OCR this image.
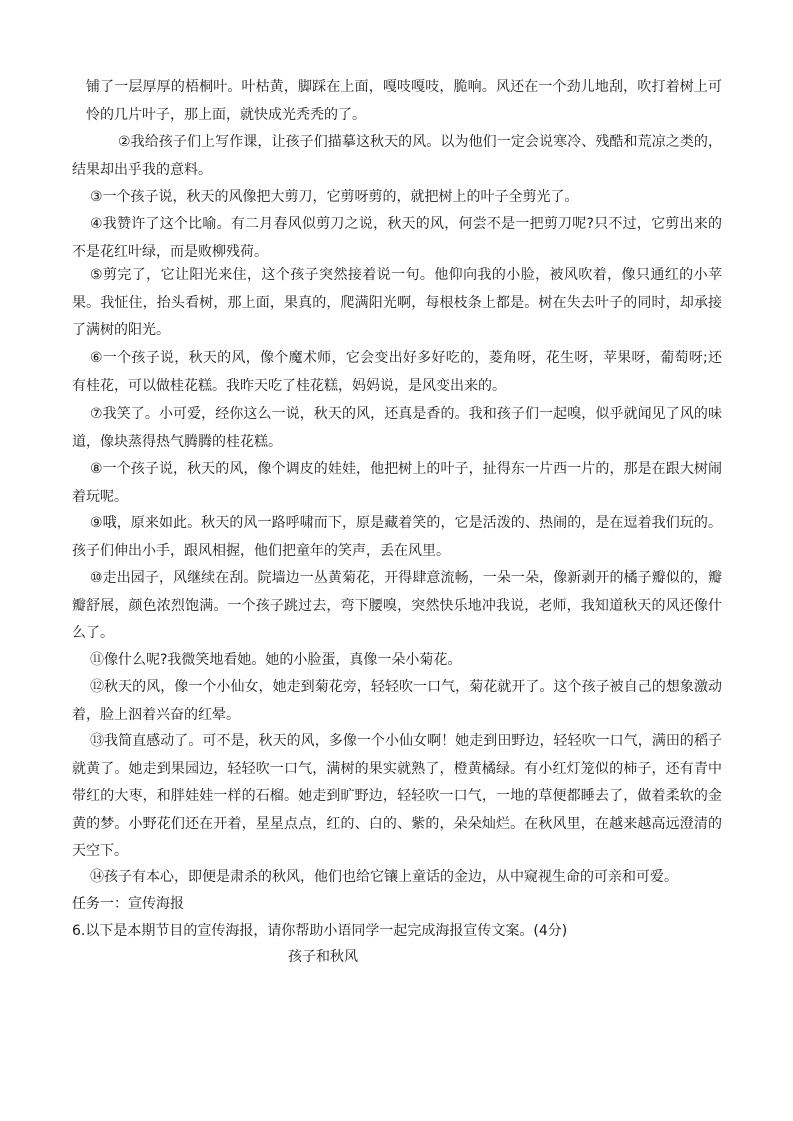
铺了一层厚厚的梧桐叶。叶枯黄，脚踩在上面，嘎吱嘎吱，脆响。风还在一个劲儿地刮，吹打着树上可怜的几片叶子，那上面，就快成光秃秃的了。

②我给孩子们上写作课，让孩子们描摹这秋天的风。以为他们一定会说寒冷、残酷和荒凉之类的，结果却出乎我的意料。

③一个孩子说，秋天的风像把大剪刀，它剪呀剪的，就把树上的叶子全剪光了。

④我赞许了这个比喻。有二月春风似剪刀之说，秋天的风，何尝不是一把剪刀呢?只不过，它剪出来的不是花红叶绿，而是败柳残荷。

⑤剪完了，它让阳光来住，这个孩子突然接着说一句。他仰向我的小脸，被风吹着，像只通红的小苹果。我怔住，抬头看树，那上面，果真的，爬满阳光啊，每根枝条上都是。树在失去叶子的同时，却承接了满树的阳光。

⑥一个孩子说，秋天的风，像个魔术师，它会变出好多好吃的，菱角呀，花生呀，苹果呀，葡萄呀;还有桂花，可以做桂花糕。我昨天吃了桂花糕，妈妈说，是风变出来的。

⑦我笑了。小可爱，经你这么一说，秋天的风，还真是香的。我和孩子们一起嗅，似乎就闻见了风的味道，像块蒸得热气腾腾的桂花糕。

⑧一个孩子说，秋天的风，像个调皮的娃娃，他把树上的叶子，扯得东一片西一片的，那是在跟大树闹着玩呢。

⑨哦，原来如此。秋天的风一路呼啸而下，原是藏着笑的，它是活泼的、热闹的，是在逗着我们玩的。孩子们伸出小手，跟风相握，他们把童年的笑声，丢在风里。

⑩走出园子，风继续在刮。院墙边一丛黄菊花，开得肆意流畅，一朵一朵，像新剥开的橘子瓣似的，瓣瓣舒展，颜色浓烈饱满。一个孩子跳过去，弯下腰嗅，突然快乐地冲我说，老师，我知道秋天的风还像什么了。

⑪像什么呢?我微笑地看她。她的小脸蛋，真像一朵小菊花。

⑫秋天的风，像一个小仙女，她走到菊花旁，轻轻吹一口气，菊花就开了。这个孩子被自己的想象激动着，脸上泅着兴奋的红晕。

⑬我简直感动了。可不是，秋天的风，多像一个小仙女啊！她走到田野边，轻轻吹一口气，满田的稻子就黄了。她走到果园边，轻轻吹一口气，满树的果实就熟了，橙黄橘绿。有小红灯笼似的柿子，还有青中带红的大枣，和胖娃娃一样的石榴。她走到旷野边，轻轻吹一口气，一地的草便都睡去了，做着柔软的金黄的梦。小野花们还在开着，星星点点，红的、白的、紫的，朵朵灿烂。在秋风里，在越来越高远澄清的天空下。

⑭孩子有本心，即便是肃杀的秋风，他们也给它镶上童话的金边，从中窥视生命的可亲和可爱。

任务一：宣传海报

6.以下是本期节目的宣传海报，请你帮助小语同学一起完成海报宣传文案。(4分)

孩子和秋风
